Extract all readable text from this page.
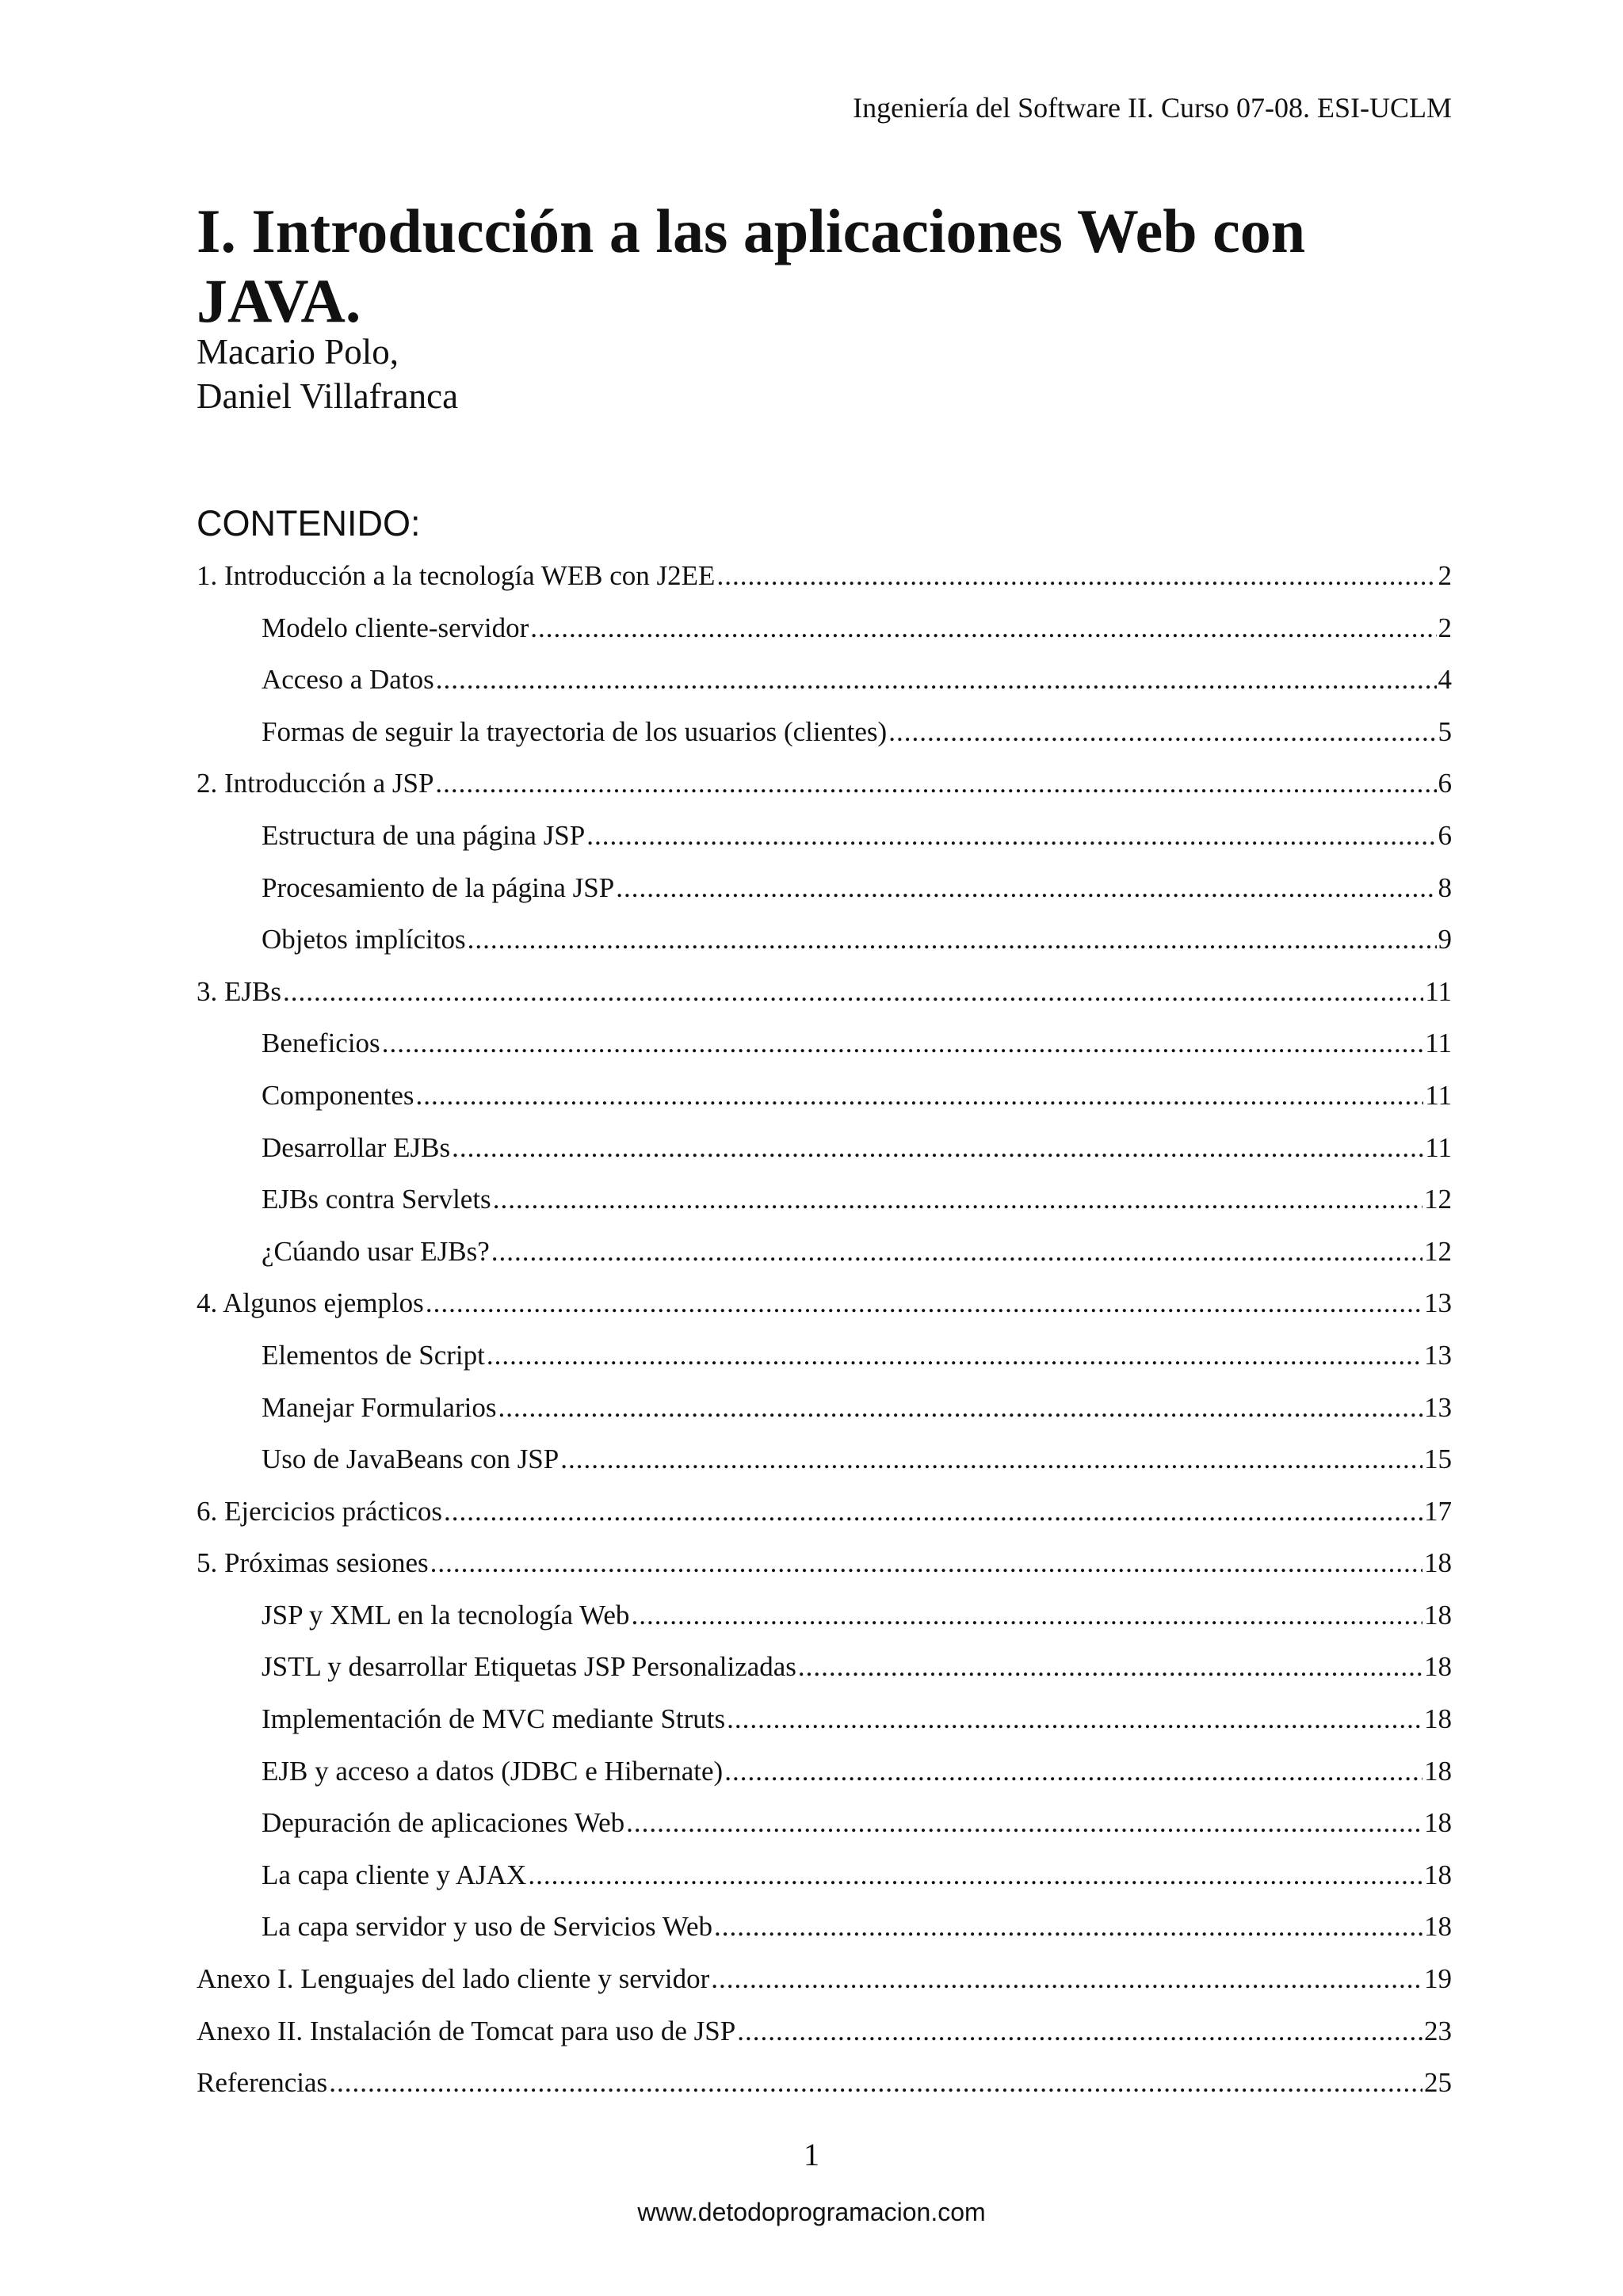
Ingeniería del Software II. Curso 07-08. ESI-UCLM
I. Introducción a las aplicaciones Web con JAVA.
Macario Polo,
Daniel Villafranca
CONTENIDO:
1. Introducción a la tecnología WEB con J2EE .....	2
Modelo cliente-servidor .....	2
Acceso a Datos .....	4
Formas de seguir la trayectoria de los usuarios (clientes) .....	5
2. Introducción a JSP .....	6
Estructura de una página JSP .....	6
Procesamiento de la página JSP .....	8
Objetos implícitos .....	9
3. EJBs .....	11
Beneficios .....	11
Componentes .....	11
Desarrollar EJBs .....	11
EJBs contra Servlets .....	12
¿Cúando usar EJBs? .....	12
4. Algunos ejemplos .....	13
Elementos de Script .....	13
Manejar Formularios .....	13
Uso de JavaBeans con JSP .....	15
6. Ejercicios prácticos .....	17
5. Próximas sesiones .....	18
JSP y XML en la tecnología Web .....	18
JSTL y desarrollar Etiquetas JSP Personalizadas .....	18
Implementación de MVC mediante Struts .....	18
EJB y acceso a datos (JDBC e Hibernate) .....	18
Depuración de aplicaciones Web .....	18
La capa cliente y AJAX .....	18
La capa servidor y uso de Servicios Web .....	18
Anexo I. Lenguajes del lado cliente y servidor .....	19
Anexo II. Instalación de Tomcat para uso de JSP .....	23
Referencias .....	25
1
www.detodoprogramacion.com
